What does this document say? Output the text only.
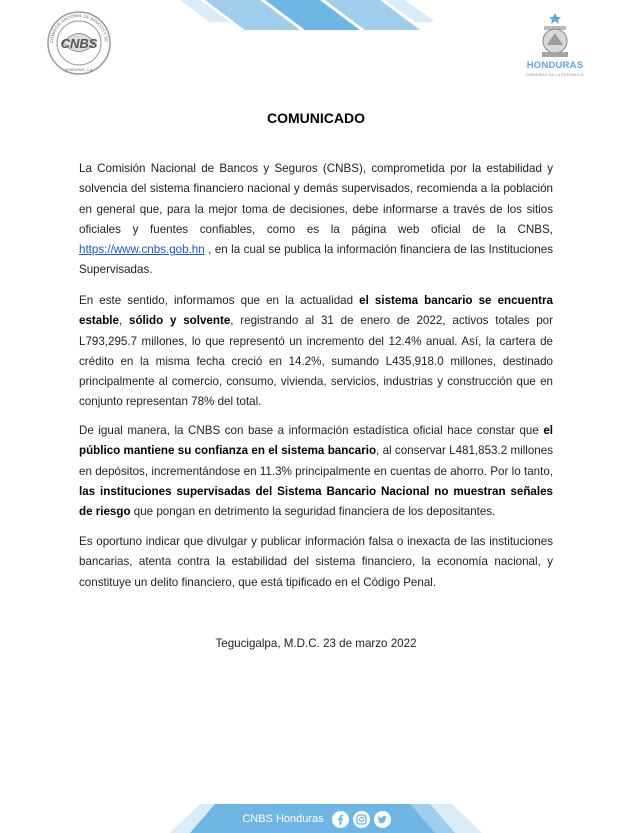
CNBS
HONDURAS, C.A.
COMISION NACIONAL DE BANCOS Y SE
HONDURAS
GOBIERNO DE LA REPÚBLICA
COMUNICADO
La Comisión Nacional de Bancos y Seguros (CNBS), comprometida por la estabilidad y solvencia del sistema financiero nacional y demás supervisados, recomienda a la población en general que, para la mejor toma de decisiones, debe informarse a través de los sitios oficiales y fuentes confiables, como es la página web oficial de la CNBS, https://www.cnbs.gob.hn , en la cual se publica la información financiera de las Instituciones Supervisadas.
En este sentido, informamos que en la actualidad el sistema bancario se encuentra estable, sólido y solvente, registrando al 31 de enero de 2022, activos totales por L793,295.7 millones, lo que representó un incremento del 12.4% anual. Así, la cartera de crédito en la misma fecha creció en 14.2%, sumando L435,918.0 millones, destinado principalmente al comercio, consumo, vivienda, servicios, industrias y construcción que en conjunto representan 78% del total.
De igual manera, la CNBS con base a información estadística oficial hace constar que el público mantiene su confianza en el sistema bancario, al conservar L481,853.2 millones en depósitos, incrementándose en 11.3% principalmente en cuentas de ahorro. Por lo tanto, las instituciones supervisadas del Sistema Bancario Nacional no muestran señales de riesgo que pongan en detrimento la seguridad financiera de los depositantes.
Es oportuno indicar que divulgar y publicar información falsa o inexacta de las instituciones bancarias, atenta contra la estabilidad del sistema financiero, la economía nacional, y constituye un delito financiero, que está tipificado en el Código Penal.
Tegucigalpa, M.D.C. 23 de marzo 2022
CNBS Honduras
